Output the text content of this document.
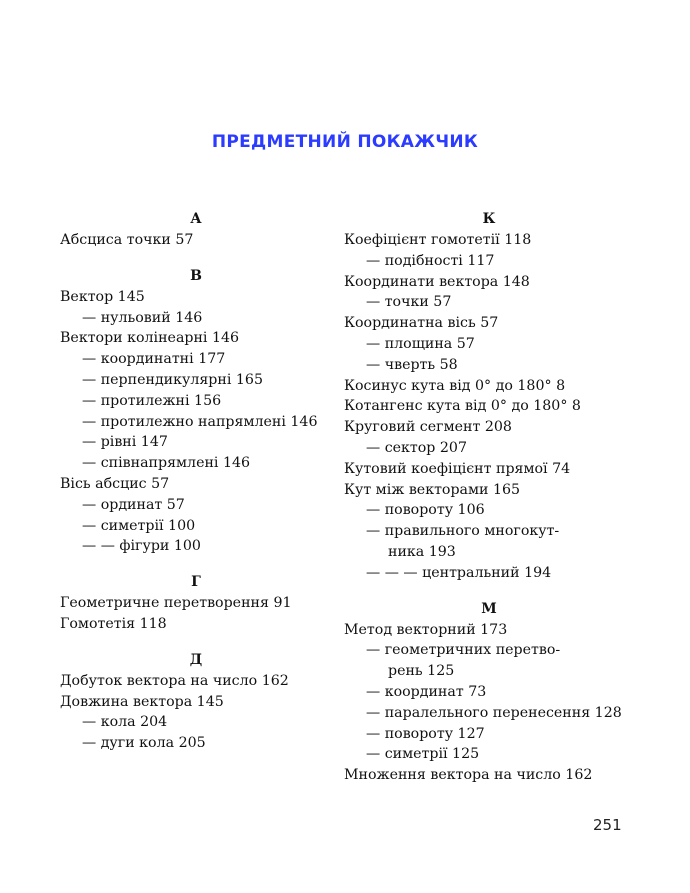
ПРЕДМЕТНИЙ ПОКАЖЧИК
А
Абсциса точки 57
В
Вектор 145
— нульовий 146
Вектори колінеарні 146
— координатні 177
— перпендикулярні 165
— протилежні 156
— протилежно напрямлені 146
— рівні 147
— співнапрямлені 146
Вісь абсцис 57
— ординат 57
— симетрії 100
— — фігури 100
Г
Геометричне перетворення 91
Гомотетія 118
Д
Добуток вектора на число 162
Довжина вектора 145
— кола 204
— дуги кола 205
К
Коефіцієнт гомотетії 118
— подібності 117
Координати вектора 148
— точки 57
Координатна вісь 57
— площина 57
— чверть 58
Косинус кута від 0° до 180° 8
Котангенс кута від 0° до 180° 8
Круговий сегмент 208
— сектор 207
Кутовий коефіцієнт прямої 74
Кут між векторами 165
— повороту 106
— правильного многокут-
ника 193
— — — центральний 194
М
Метод векторний 173
— геометричних перетво-
рень 125
— координат 73
— паралельного перенесення 128
— повороту 127
— симетрії 125
Множення вектора на число 162
251
